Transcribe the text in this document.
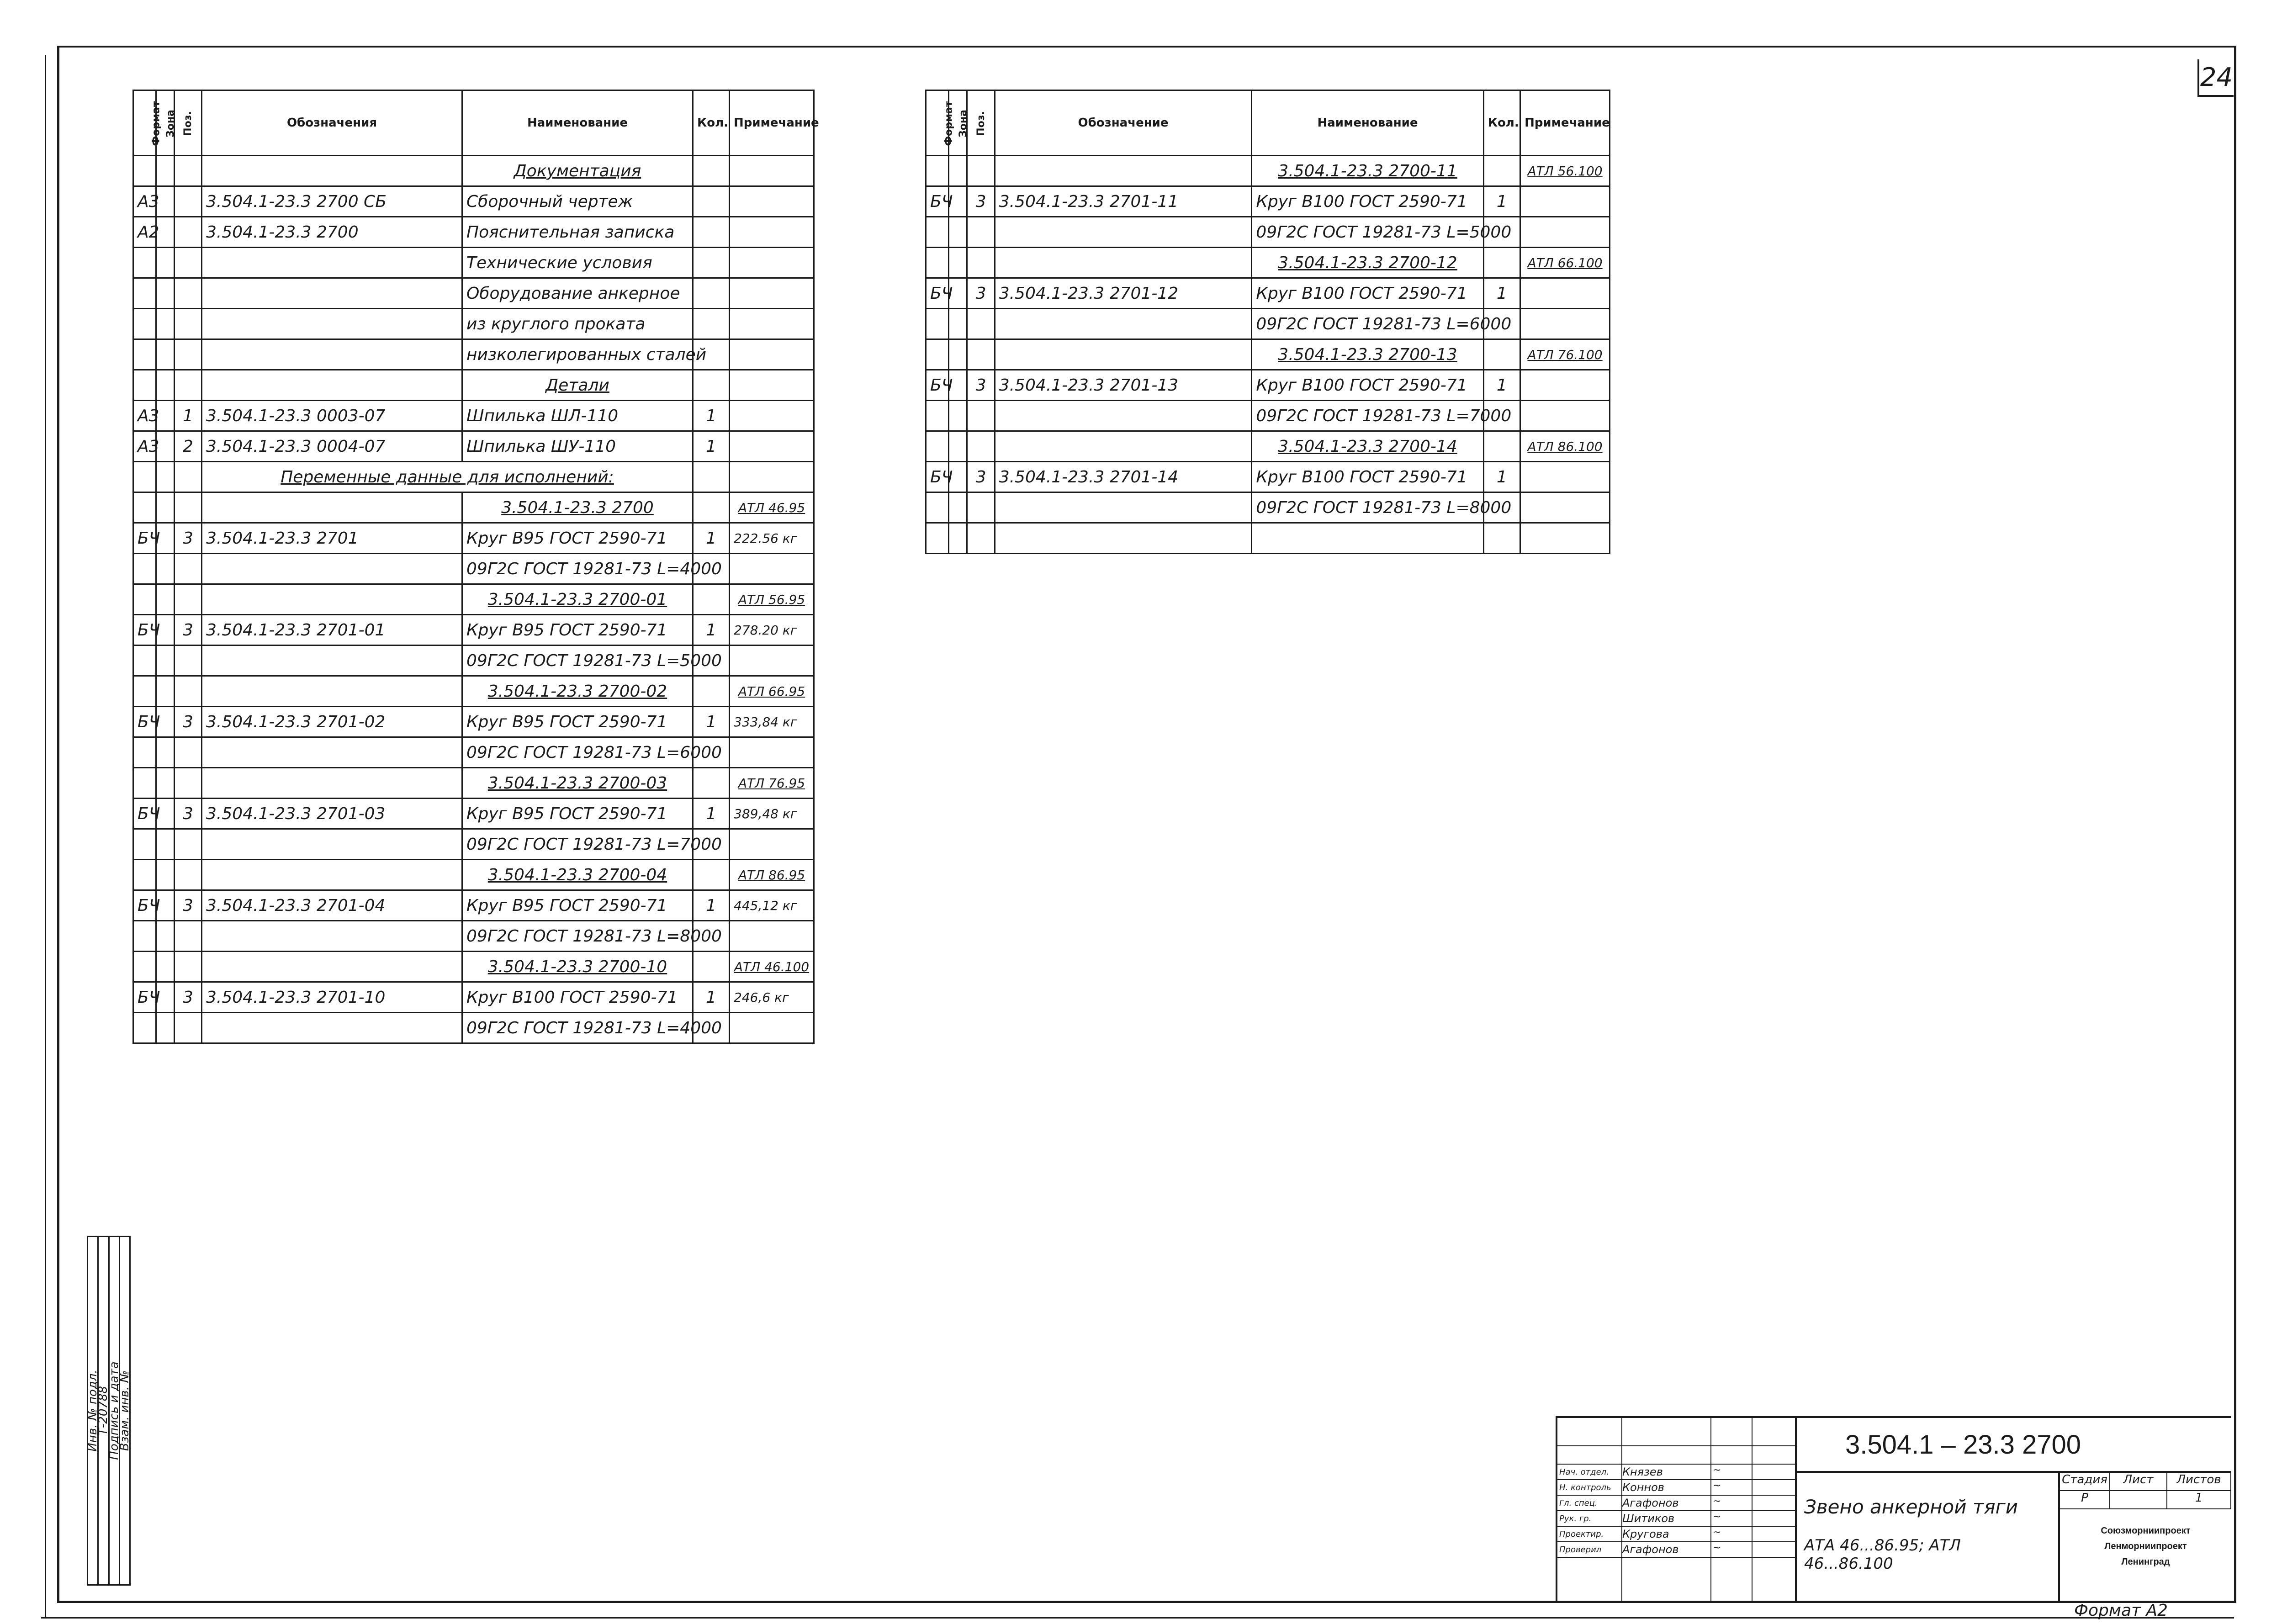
24
Формат	Зона	Поз.	Обозначения	Наименование	Кол.	Примечание
				Документация		
А3			3.504.1-23.3 2700 СБ	Сборочный чертеж		
А2			3.504.1-23.3 2700	Пояснительная записка		
				Технические условия		
				Оборудование анкерное		
				из круглого проката		
				низколегированных сталей		
				Детали		
А3		1	3.504.1-23.3 0003-07	Шпилька ШЛ-110	1	
А3		2	3.504.1-23.3 0004-07	Шпилька ШУ-110	1	
			Переменные данные для исполнений:			
				3.504.1-23.3 2700		АТЛ 46.95
БЧ		3	3.504.1-23.3 2701	Круг В95 ГОСТ 2590-71	1	222.56 кг
				09Г2С ГОСТ 19281-73 L=4000		
				3.504.1-23.3 2700-01		АТЛ 56.95
БЧ		3	3.504.1-23.3 2701-01	Круг В95 ГОСТ 2590-71	1	278.20 кг
				09Г2С ГОСТ 19281-73 L=5000		
				3.504.1-23.3 2700-02		АТЛ 66.95
БЧ		3	3.504.1-23.3 2701-02	Круг В95 ГОСТ 2590-71	1	333,84 кг
				09Г2С ГОСТ 19281-73 L=6000		
				3.504.1-23.3 2700-03		АТЛ 76.95
БЧ		3	3.504.1-23.3 2701-03	Круг В95 ГОСТ 2590-71	1	389,48 кг
				09Г2С ГОСТ 19281-73 L=7000		
				3.504.1-23.3 2700-04		АТЛ 86.95
БЧ		3	3.504.1-23.3 2701-04	Круг В95 ГОСТ 2590-71	1	445,12 кг
				09Г2С ГОСТ 19281-73 L=8000		
				3.504.1-23.3 2700-10		АТЛ 46.100
БЧ		3	3.504.1-23.3 2701-10	Круг В100 ГОСТ 2590-71	1	246,6 кг
				09Г2С ГОСТ 19281-73 L=4000		
Формат	Зона	Поз.	Обозначение	Наименование	Кол.	Примечание
				3.504.1-23.3 2700-11		АТЛ 56.100
БЧ		3	3.504.1-23.3 2701-11	Круг В100 ГОСТ 2590-71	1	
				09Г2С ГОСТ 19281-73 L=5000		
				3.504.1-23.3 2700-12		АТЛ 66.100
БЧ		3	3.504.1-23.3 2701-12	Круг В100 ГОСТ 2590-71	1	
				09Г2С ГОСТ 19281-73 L=6000		
				3.504.1-23.3 2700-13		АТЛ 76.100
БЧ		3	3.504.1-23.3 2701-13	Круг В100 ГОСТ 2590-71	1	
				09Г2С ГОСТ 19281-73 L=7000		
				3.504.1-23.3 2700-14		АТЛ 86.100
БЧ		3	3.504.1-23.3 2701-14	Круг В100 ГОСТ 2590-71	1	
				09Г2С ГОСТ 19281-73 L=8000		

Инв. № подл.
Т-20788
Подпись и дата
Взам. инв. №
Нач. отдел.	Князев	~
Н. контроль	Коннов	~
Гл. спец.	Агафонов	~
Рук. гр.	Шитиков	~
Проектир.	Кругова	~
Проверил	Агафонов	~
3.504.1 – 23.3 2700
Звено анкерной тяги
АТА 46...86.95; АТЛ 46...86.100
Стадия	Лист	Листов
Р	1
Союзморниипроект
Ленморниипроект
Ленинград
Формат А2
